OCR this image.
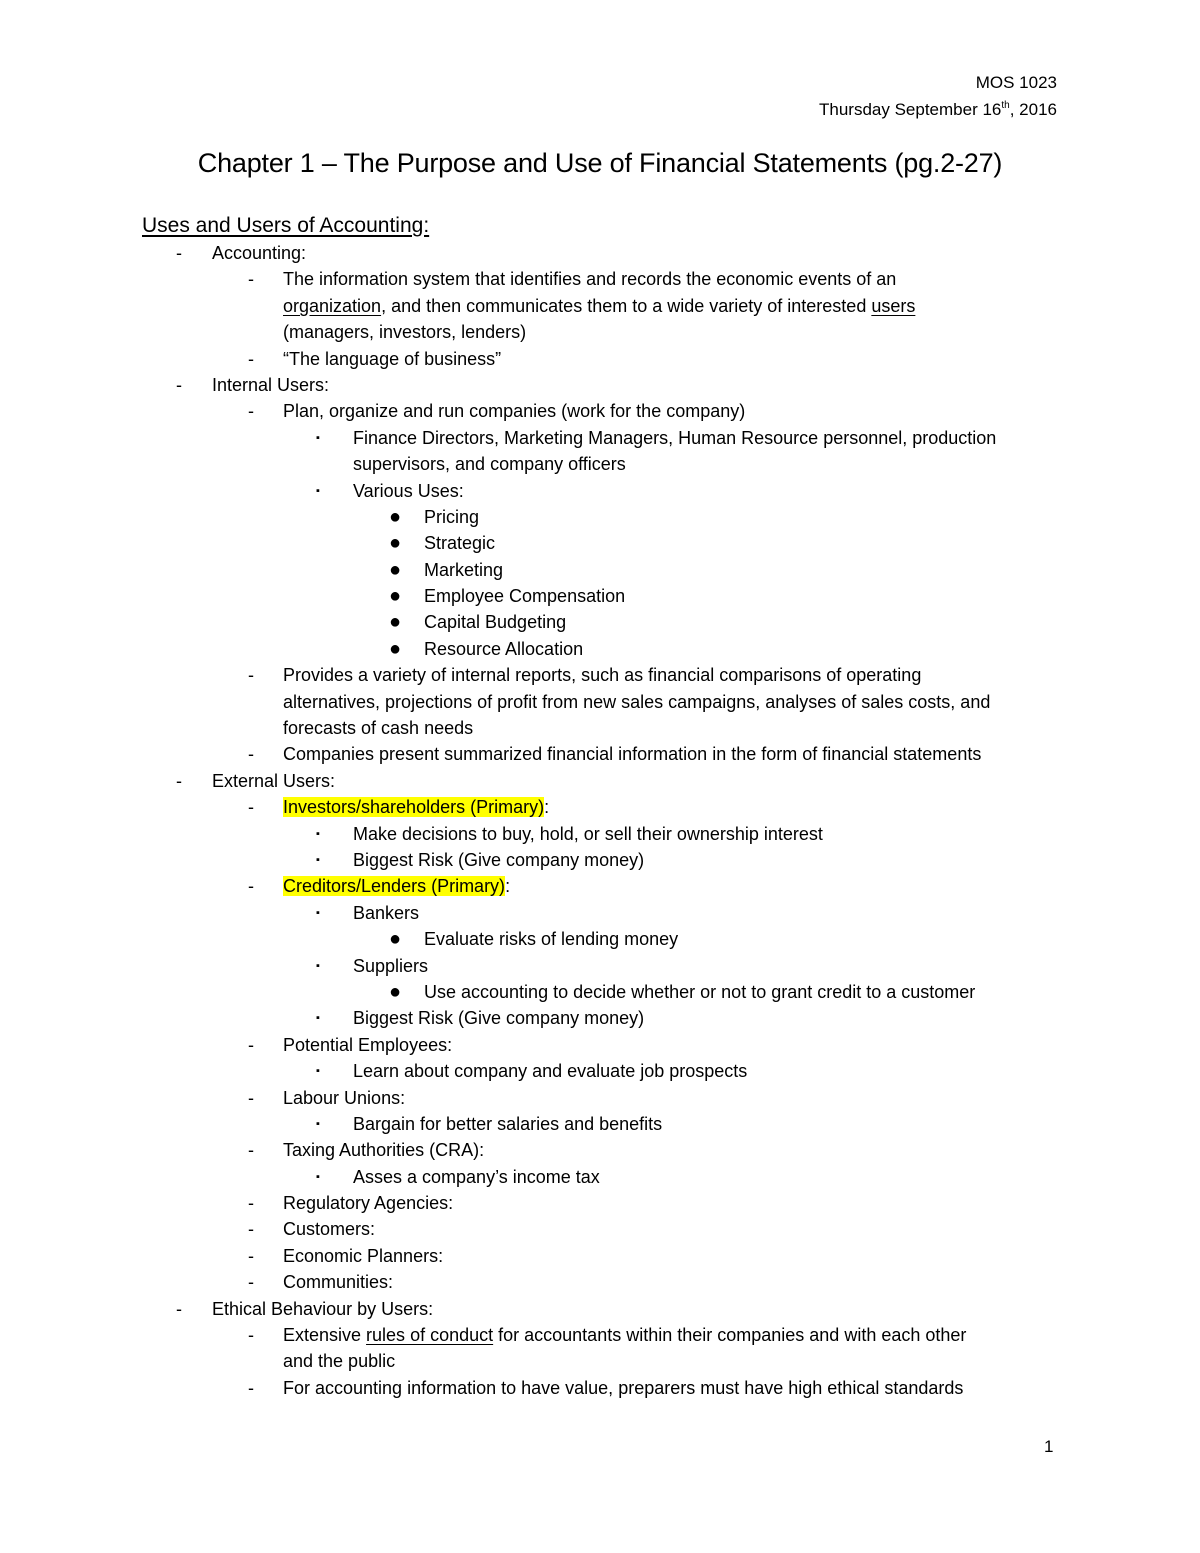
MOS 1023
Thursday September 16th, 2016
Chapter 1 – The Purpose and Use of Financial Statements (pg.2-27)
Uses and Users of Accounting:
-	Accounting:
-	The information system that identifies and records the economic events of an
organization, and then communicates them to a wide variety of interested users
(managers, investors, lenders)
-	“The language of business”
-	Internal Users:
-	Plan, organize and run companies (work for the company)
▪	Finance Directors, Marketing Managers, Human Resource personnel, production
supervisors, and company officers
▪	Various Uses:
●	Pricing
●	Strategic
●	Marketing
●	Employee Compensation
●	Capital Budgeting
●	Resource Allocation
-	Provides a variety of internal reports, such as financial comparisons of operating
alternatives, projections of profit from new sales campaigns, analyses of sales costs, and
forecasts of cash needs
-	Companies present summarized financial information in the form of financial statements
-	External Users:
-	Investors/shareholders (Primary):
▪	Make decisions to buy, hold, or sell their ownership interest
▪	Biggest Risk (Give company money)
-	Creditors/Lenders (Primary):
▪	Bankers
●	Evaluate risks of lending money
▪	Suppliers
●	Use accounting to decide whether or not to grant credit to a customer
▪	Biggest Risk (Give company money)
-	Potential Employees:
▪	Learn about company and evaluate job prospects
-	Labour Unions:
▪	Bargain for better salaries and benefits
-	Taxing Authorities (CRA):
▪	Asses a company’s income tax
-	Regulatory Agencies:
-	Customers:
-	Economic Planners:
-	Communities:
-	Ethical Behaviour by Users:
-	Extensive rules of conduct for accountants within their companies and with each other
and the public
-	For accounting information to have value, preparers must have high ethical standards
1
